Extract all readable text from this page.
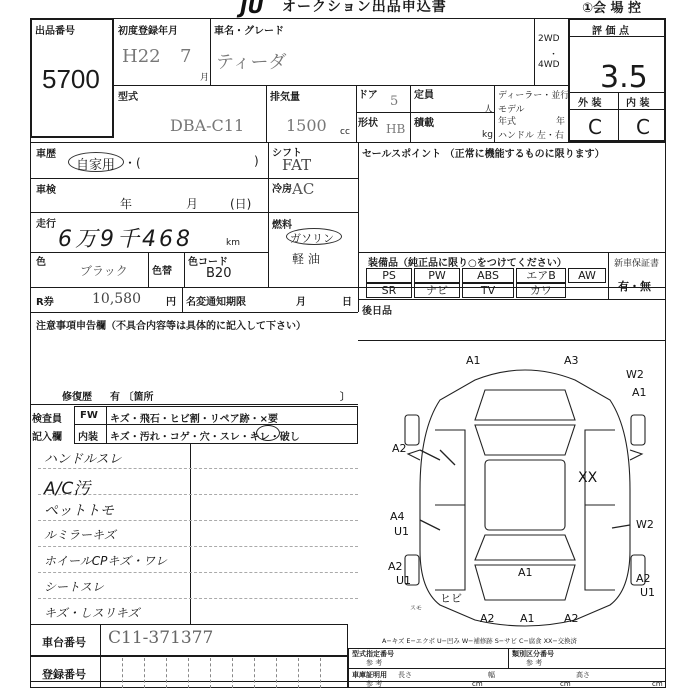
JU オークション出品申込書	①会 場 控
出品番号
5700
初度登録年月
H22 7
月
車名・グレード
ティーダ
2WD
・
4WD
評 価 点
3.5
外 装 内 装
C C
型式
DBA-C11
排気量
1500 cc
ドア 5
形状 HB
定員
人
積載
kg
ディーラー・並行
モデル
年式	年
ハンドル 左・右
車歴
自家用 ・(	)
シフト
FAT
冷房 AC
車検
年	月	(日)
走行
6万9千468	km
燃料
ガソリン
軽 油
色
ブラック 色替
色コード
B20
R券	10,580	円 名変通知期限	月	日
セールスポイント （正常に機能するものに限ります）
装備品（純正品に限り○をつけてください）	新車保証書
有・無
PS	PW	ABS	エアB	AW
SR	ナビ	TV	カワ
後日品
注意事項申告欄（不具合内容等は具体的に記入して下さい）
修復歴 有 〔箇所	〕
検査員
記入欄
FW キズ・飛石・ヒビ割・リペア跡・×要
内装 キズ・汚れ・コゲ・穴・スレ・キレ・破し
ハンドルスレ
A/C汚
ペットトモ
ルミラーキズ
ホイールCPキズ・ワレ
シートスレ
キズ・しスリキズ
A1	A3
W2
A1
A2
XX
A4
U1
W2
A2
U1
A1	A2
U1
ヒビ
A2 A1	A2
スモ
A−キズ E−エクボ U−凹み W−補修跡 S−サビ C−腐食 XX−交換済
車台番号 C11-371377
登録番号
型式指定番号
参 考
類別区分番号
参 考
車庫証明用
参 考
長さ
cm
幅
cm
高さ
cm
